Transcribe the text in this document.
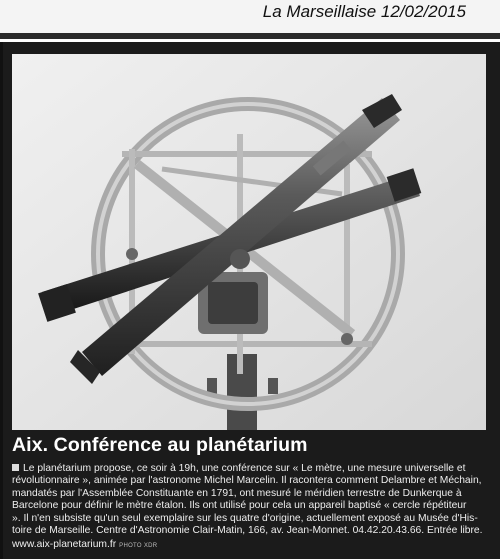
La Marseillaise 12/02/2015
Aix. Conférence au planétarium
Le planétarium propose, ce soir à 19h, une conférence sur « Le mètre, une mesure universelle et
révolutionnaire », animée par l'astronome Michel Marcelin. Il racontera comment Delambre et Méchain,
mandatés par l'Assemblée Constituante en 1791, ont mesuré le méridien terrestre de Dunkerque à
Barcelone pour définir le mètre étalon. Ils ont utilisé pour cela un appareil baptisé « cercle répétiteur
». Il n'en subsiste qu'un seul exemplaire sur les quatre d'origine, actuellement exposé au Musée d'His-
toire de Marseille. Centre d'Astronomie Clair-Matin, 166, av. Jean-Monnet. 04.42.20.43.66. Entrée libre.
www.aix-planetarium.fr PHOTO XDR
